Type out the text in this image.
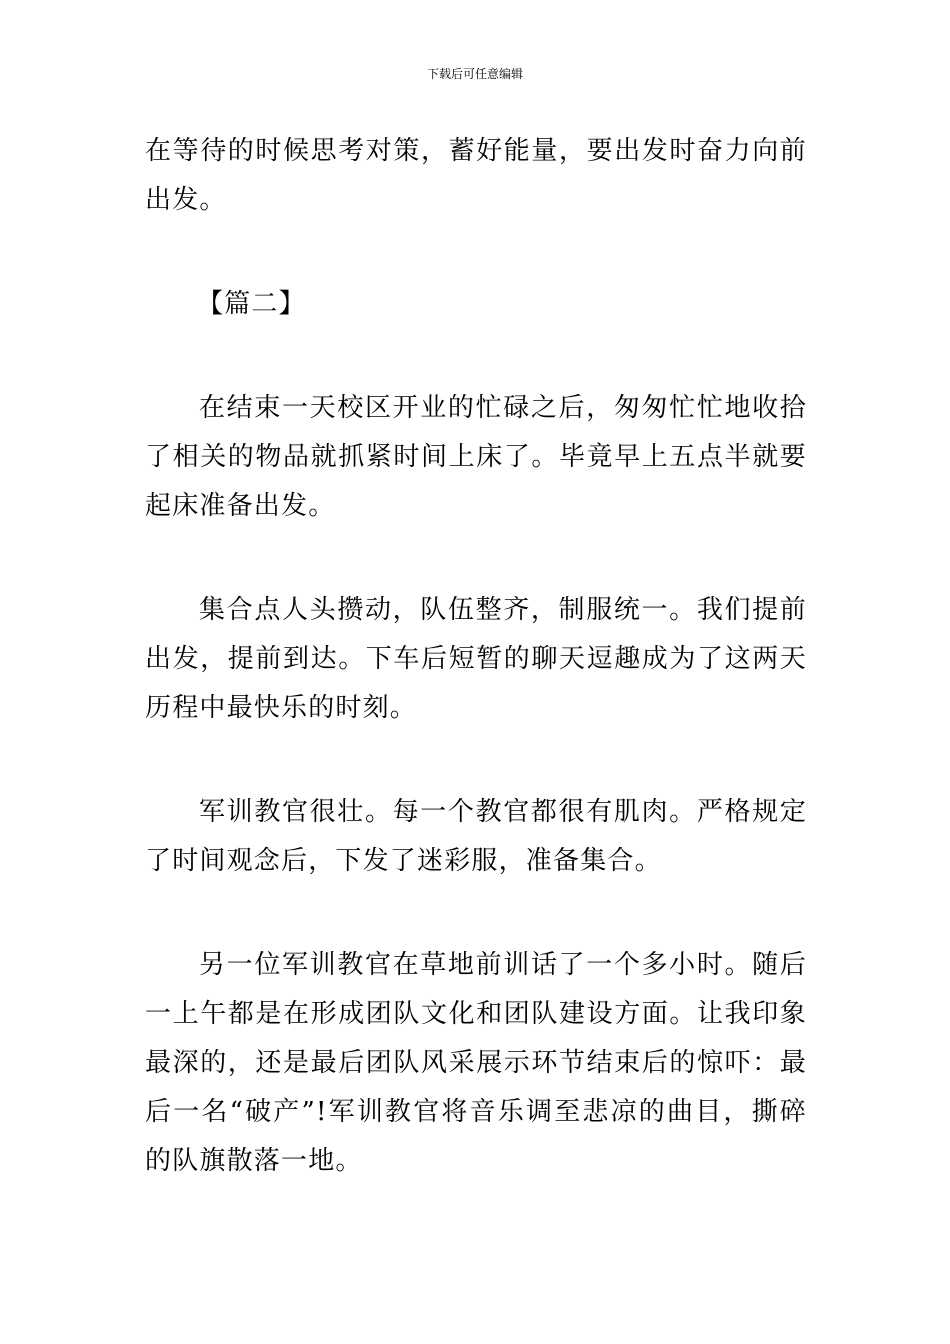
下载后可任意编辑

在等待的时候思考对策，蓄好能量，要出发时奋力向前出发。

【篇二】

在结束一天校区开业的忙碌之后，匆匆忙忙地收拾了相关的物品就抓紧时间上床了。毕竟早上五点半就要起床准备出发。

集合点人头攒动，队伍整齐，制服统一。我们提前出发，提前到达。下车后短暂的聊天逗趣成为了这两天历程中最快乐的时刻。

军训教官很壮。每一个教官都很有肌肉。严格规定了时间观念后，下发了迷彩服，准备集合。

另一位军训教官在草地前训话了一个多小时。随后一上午都是在形成团队文化和团队建设方面。让我印象最深的，还是最后团队风采展示环节结束后的惊吓：最后一名“破产”!军训教官将音乐调至悲凉的曲目，撕碎的队旗散落一地。
